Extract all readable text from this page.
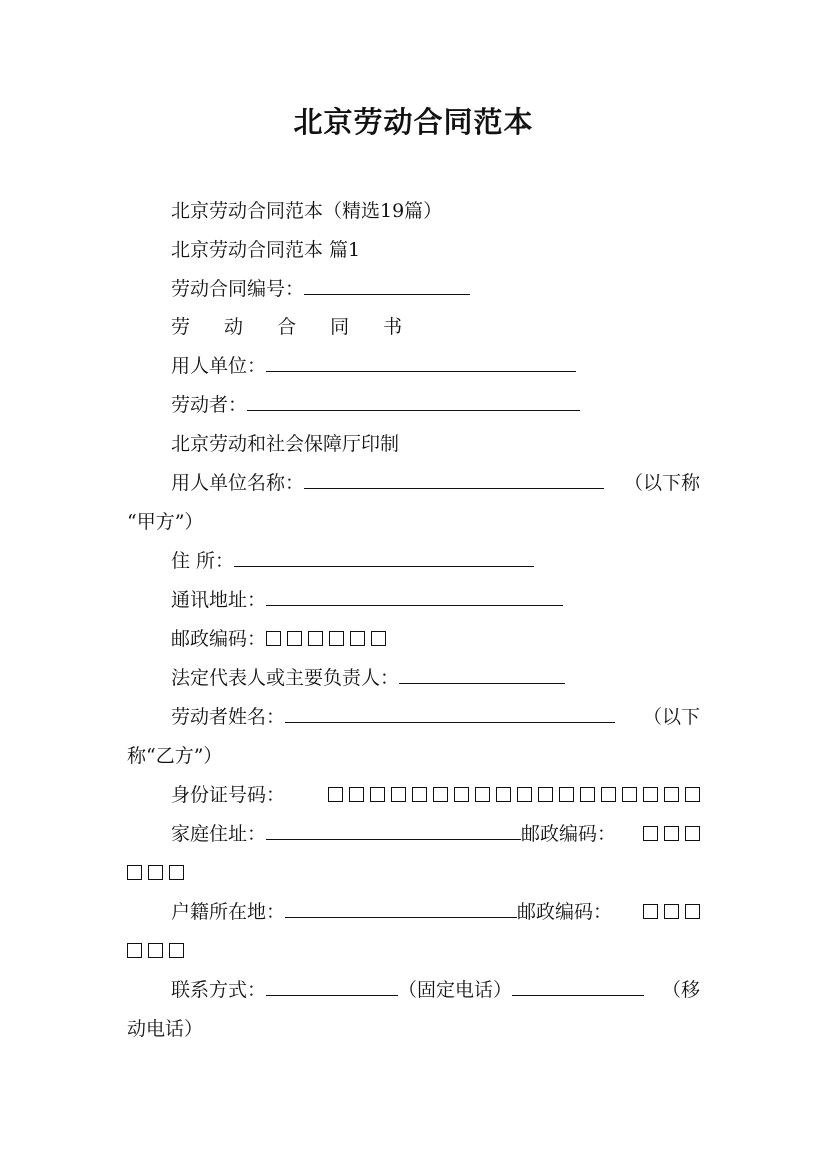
北京劳动合同范本
北京劳动合同范本（精选19篇）
北京劳动合同范本 篇1
劳动合同编号：
劳 动 合 同 书
用人单位：
劳动者：
北京劳动和社会保障厅印制
用人单位名称：	（以下称
“甲方”）
住 所：
通讯地址：
邮政编码：
法定代表人或主要负责人：
劳动者姓名：	（以下
称“乙方”）
身份证号码：
家庭住址：	邮政编码：
户籍所在地：	邮政编码：
联系方式：	（固定电话）	（移
动电话）
